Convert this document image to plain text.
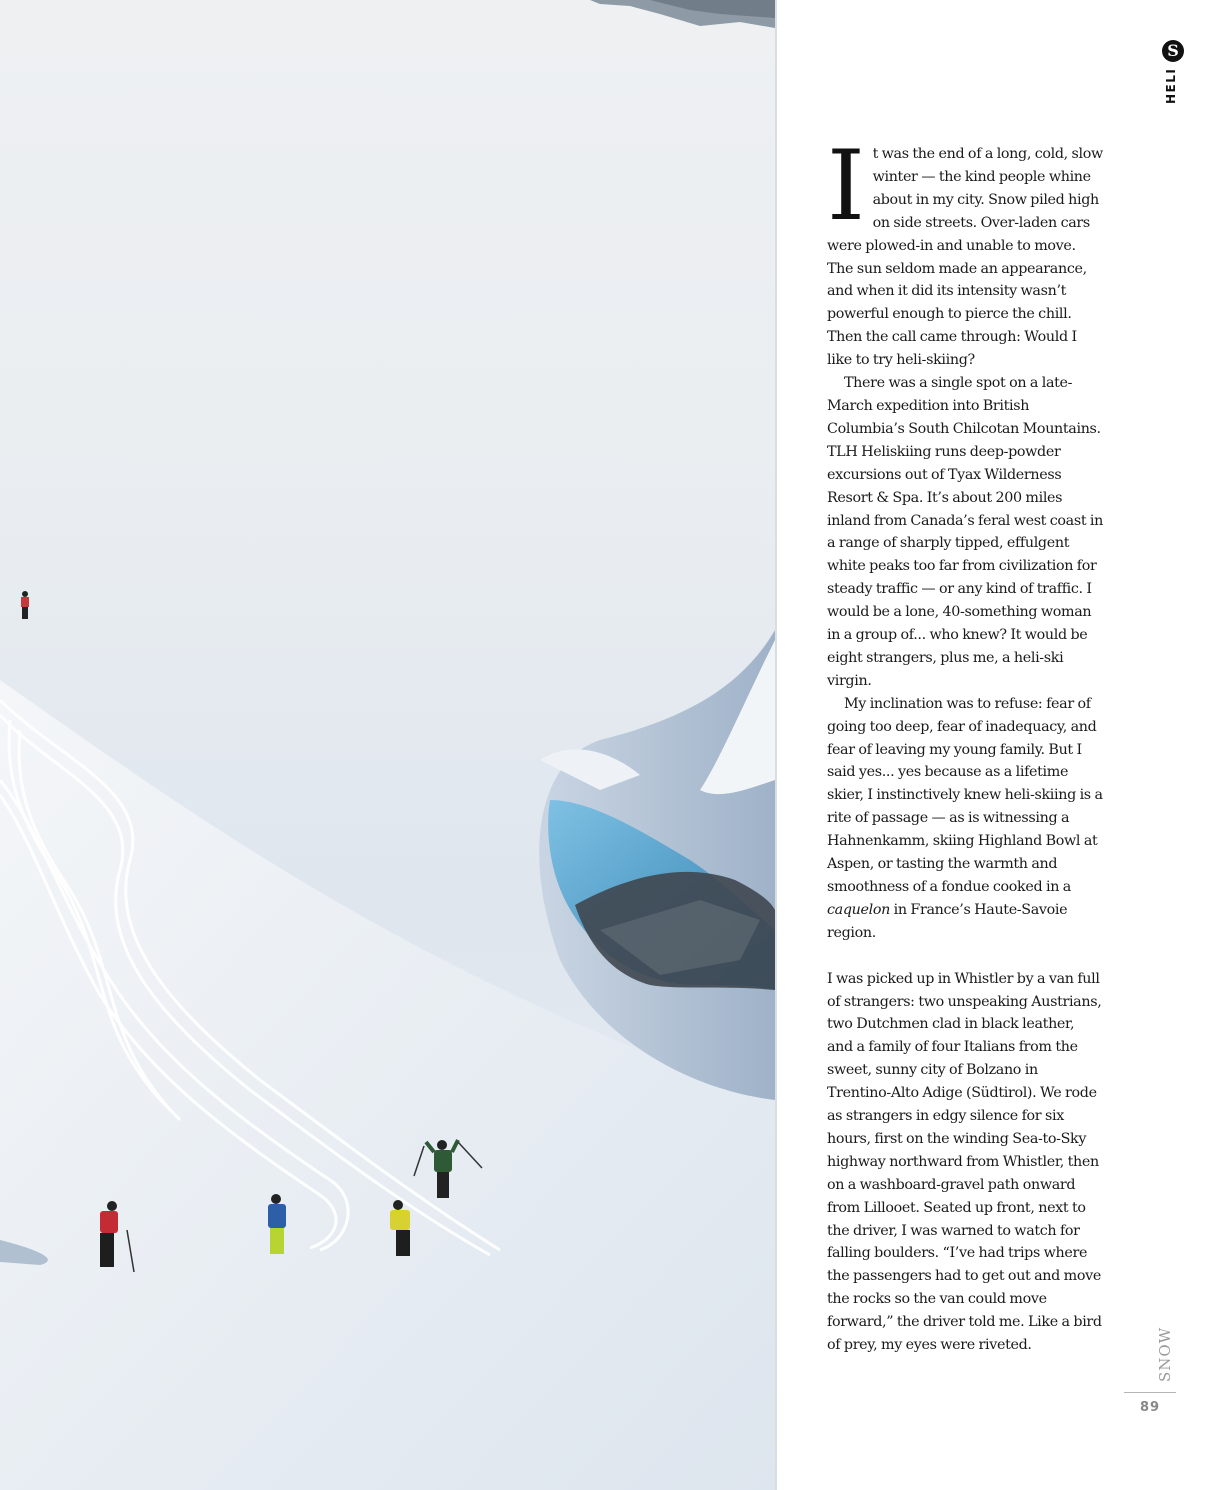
S
HELI

It was the end of a long, cold, slow winter — the kind people whine about in my city. Snow piled high on side streets. Over-laden cars were plowed-in and unable to move. The sun seldom made an appearance, and when it did its intensity wasn’t powerful enough to pierce the chill. Then the call came through: Would I like to try heli-skiing?

There was a single spot on a late-March expedition into British Columbia’s South Chilcotan Mountains. TLH Heliskiing runs deep-powder excursions out of Tyax Wilderness Resort & Spa. It’s about 200 miles inland from Canada’s feral west coast in a range of sharply tipped, effulgent white peaks too far from civilization for steady traffic — or any kind of traffic. I would be a lone, 40-something woman in a group of... who knew? It would be eight strangers, plus me, a heli-ski virgin.

My inclination was to refuse: fear of going too deep, fear of inadequacy, and fear of leaving my young family. But I said yes... yes because as a lifetime skier, I instinctively knew heli-skiing is a rite of passage — as is witnessing a Hahnenkamm, skiing Highland Bowl at Aspen, or tasting the warmth and smoothness of a fondue cooked in a caquelon in France’s Haute-Savoie region.

I was picked up in Whistler by a van full of strangers: two unspeaking Austrians, two Dutchmen clad in black leather, and a family of four Italians from the sweet, sunny city of Bolzano in Trentino-Alto Adige (Südtirol). We rode as strangers in edgy silence for six hours, first on the winding Sea-to-Sky highway northward from Whistler, then on a washboard-gravel path onward from Lillooet. Seated up front, next to the driver, I was warned to watch for falling boulders. “I’ve had trips where the passengers had to get out and move the rocks so the van could move forward,” the driver told me. Like a bird of prey, my eyes were riveted.	SNOW
89
